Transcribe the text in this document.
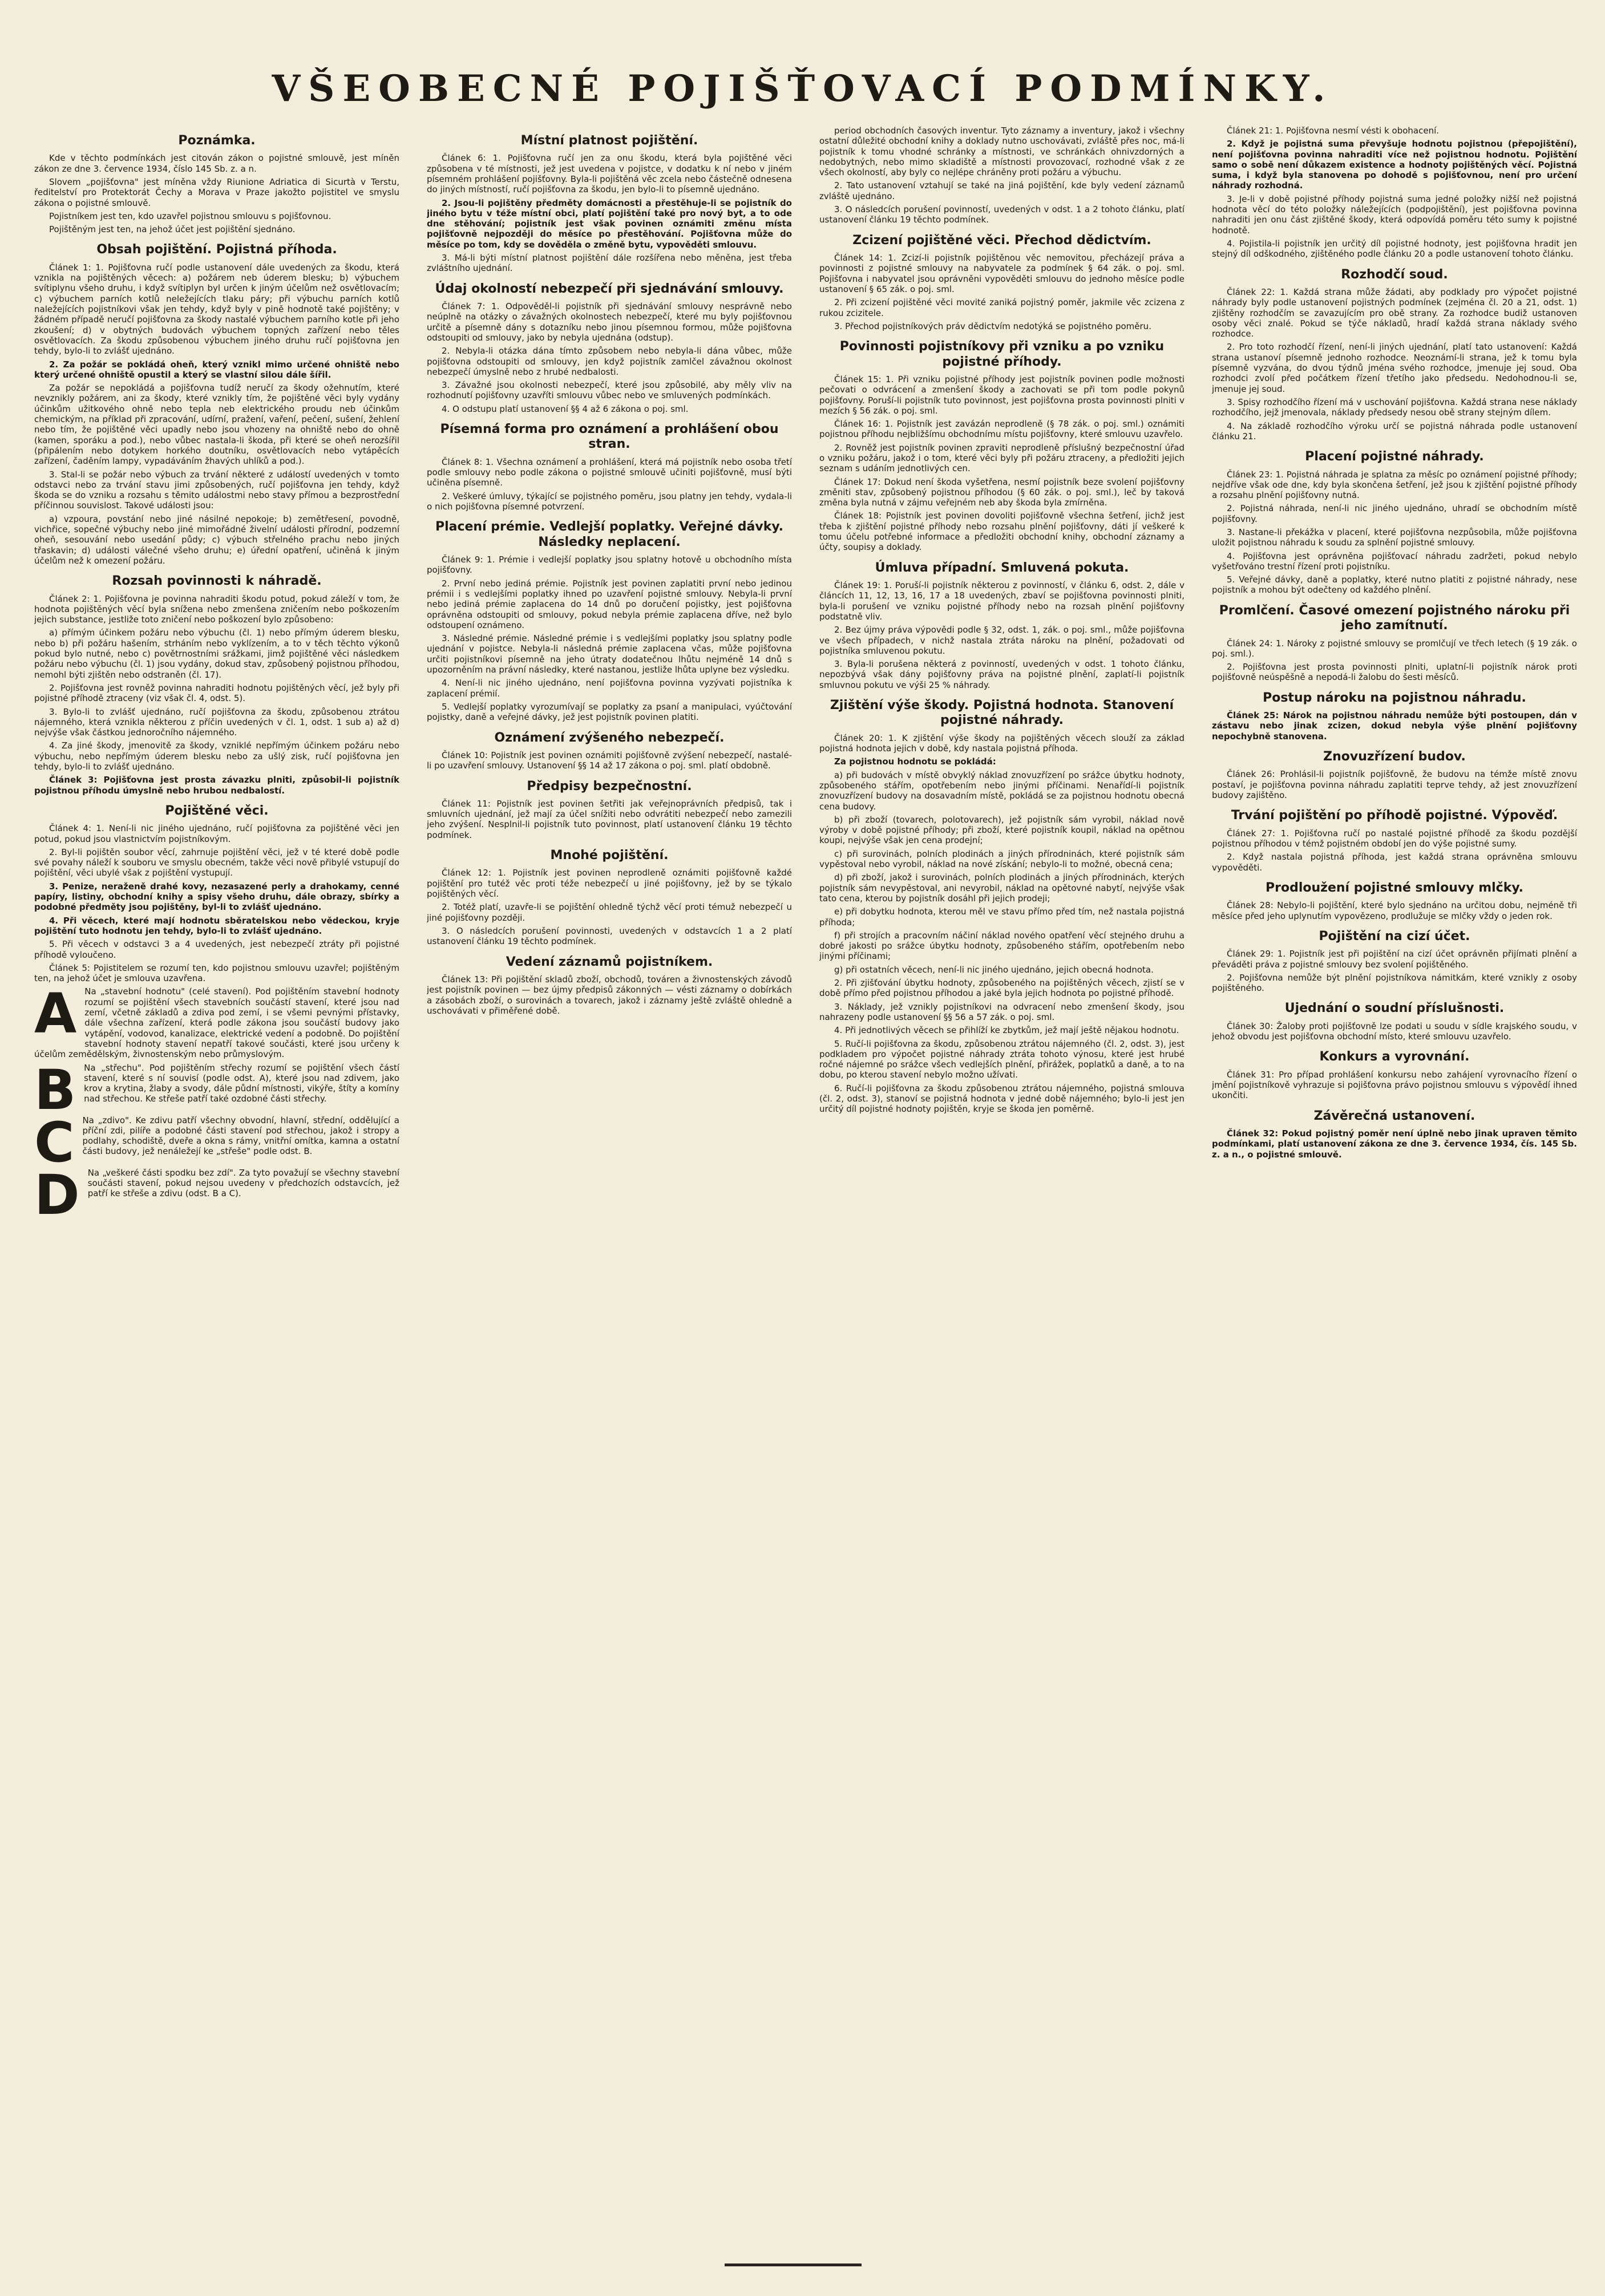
VŠEOBECNÉ POJIŠŤOVACÍ PODMÍNKY.
Poznámka.

Kde v těchto podmínkách jest citován zákon o pojistné smlouvě, jest míněn zákon ze dne 3. července 1934, číslo 145 Sb. z. a n.

Slovem „pojišťovna" jest míněna vždy Riunione Adriatica di Sicurtà v Terstu, ředitelství pro Protektorát Čechy a Morava v Praze jakožto pojistitel ve smyslu zákona o pojistné smlouvě.

Pojistníkem jest ten, kdo uzavřel pojistnou smlouvu s pojišťovnou.

Pojištěným jest ten, na jehož účet jest pojištění sjednáno.

Obsah pojištění. Pojistná příhoda.

Článek 1: 1. Pojišťovna ručí podle ustanovení dále uvedených za škodu, která vznikla na pojištěných věcech: a) požárem neb úderem blesku; b) výbuchem svítiplynu všeho druhu, i když svítiplyn byl určen k jiným účelům než osvětlovacím; c) výbuchem parních kotlů neležejících tlaku páry; při výbuchu parních kotlů naležejících pojistníkovi však jen tehdy, když byly v pině hodnotě také pojištěny; v žádném případě neručí pojišťovna za škody nastalé výbuchem parního kotle při jeho zkoušení; d) v obytných budovách výbuchem topných zařízení nebo těles osvětlovacích. Za škodu způsobenou výbuchem jiného druhu ručí pojišťovna jen tehdy, bylo-li to zvlášť ujednáno.

2. Za požár se pokládá oheň, který vznikl mimo určené ohniště nebo který určené ohniště opustil a který se vlastní silou dále šířil.

Za požár se nepokládá a pojišťovna tudíž neručí za škody ožehnutím, které nevznikly požárem, ani za škody, které vznikly tím, že pojištěné věci byly vydány účinkům užitkového ohně nebo tepla neb elektrického proudu neb účinkům chemickým, na příklad při zpracování, udírní, pražení, vaření, pečení, sušení, žehlení nebo tím, že pojištěné věci upadly nebo jsou vhozeny na ohniště nebo do ohně (kamen, sporáku a pod.), nebo vůbec nastala-li škoda, při které se oheň nerozšířil (připálením nebo dotykem horkého doutníku, osvětlovacích nebo vytápěcích zařízení, čaděním lampy, vypadáváním žhavých uhlíků a pod.).

3. Stal-li se požár nebo výbuch za trvání některé z událostí uvedených v tomto odstavci nebo za trvání stavu jimi způsobených, ručí pojišťovna jen tehdy, když škoda se do vzniku a rozsahu s těmito událostmi nebo stavy přímou a bezprostřední příčinnou souvislost. Takové události jsou:

a) vzpoura, povstání nebo jiné násilné nepokoje; b) zemětřesení, povodně, vichřice, sopečné výbuchy nebo jiné mimořádné živelní události přírodní, podzemní oheň, sesouvání nebo usedání půdy; c) výbuch střelného prachu nebo jiných třaskavin; d) události válečné všeho druhu; e) úřední opatření, učiněná k jiným účelům než k omezení požáru.

Rozsah povinnosti k náhradě.

Článek 2: 1. Pojišťovna je povinna nahraditi škodu potud, pokud záleží v tom, že hodnota pojištěných věcí byla snížena nebo zmenšena zničením nebo poškozením jejich substance, jestliže toto zničení nebo poškození bylo způsobeno:

a) přímým účinkem požáru nebo výbuchu (čl. 1) nebo přímým úderem blesku, nebo b) při požáru hašením, strháním nebo vyklízením, a to v těch těchto výkonů pokud bylo nutné, nebo c) povětrnostními srážkami, jimž pojištěné věci následkem požáru nebo výbuchu (čl. 1) jsou vydány, dokud stav, způsobený pojistnou příhodou, nemohl býti zjištěn nebo odstraněn (čl. 17).

2. Pojišťovna jest rovněž povinna nahraditi hodnotu pojištěných věcí, jež byly při pojistné příhodě ztraceny (viz však čl. 4, odst. 5).

3. Bylo-li to zvlášť ujednáno, ručí pojišťovna za škodu, způsobenou ztrátou nájemného, která vznikla některou z příčin uvedených v čl. 1, odst. 1 sub a) až d) nejvýše však částkou jednoročního nájemného.

4. Za jiné škody, jmenovitě za škody, vzniklé nepřímým účinkem požáru nebo výbuchu, nebo nepřímým úderem blesku nebo za ušlý zisk, ručí pojišťovna jen tehdy, bylo-li to zvlášť ujednáno.

Článek 3: Pojišťovna jest prosta závazku plniti, způsobil-li pojistník pojistnou příhodu úmyslně nebo hrubou nedbalostí.

Pojištěné věci.

Článek 4: 1. Není-li nic jiného ujednáno, ručí pojišťovna za pojištěné věci jen potud, pokud jsou vlastnictvím pojistníkovým.

2. Byl-li pojištěn soubor věcí, zahrnuje pojištění věci, jež v té které době podle své povahy náleží k souboru ve smyslu obecném, takže věci nově přibylé vstupují do pojištění, věci ubylé však z pojištění vystupují.

3. Penize, neraženě drahé kovy, nezasazené perly a drahokamy, cenné papíry, listiny, obchodní knihy a spisy všeho druhu, dále obrazy, sbírky a podobné předměty jsou pojištěny, byl-li to zvlášť ujednáno.

4. Při věcech, které mají hodnotu sběratelskou nebo vědeckou, kryje pojištění tuto hodnotu jen tehdy, bylo-li to zvlášť ujednáno.

5. Při věcech v odstavci 3 a 4 uvedených, jest nebezpečí ztráty při pojistné příhodě vyloučeno.

Článek 5: Pojistitelem se rozumí ten, kdo pojistnou smlouvu uzavřel; pojištěným ten, na jehož účet je smlouva uzavřena.

A Na „stavební hodnotu" (celé stavení). Pod pojištěním stavební hodnoty rozumí se pojištění všech stavebních součástí stavení, které jsou nad zemí, včetně základů a zdiva pod zemí, i se všemi pevnými přístavky, dále všechna zařízení, která podle zákona jsou součástí budovy jako vytápění, vodovod, kanalizace, elektrické vedení a podobně. Do pojištění stavební hodnoty stavení nepatří takové součásti, které jsou určeny k účelům zemědělským, živnostenským nebo průmyslovým.

B Na „střechu". Pod pojištěním střechy rozumí se pojištění všech částí stavení, které s ní souvisí (podle odst. A), které jsou nad zdivem, jako krov a krytina, žlaby a svody, dále půdní místnosti, vikýře, štíty a komíny nad střechou. Ke střeše patří také ozdobné části střechy.

C Na „zdivo". Ke zdivu patří všechny obvodní, hlavní, střední, oddělující a příční zdi, pilíře a podobné části stavení pod střechou, jakož i stropy a podlahy, schodiště, dveře a okna s rámy, vnitřní omítka, kamna a ostatní části budovy, jež nenáležejí ke „střeše" podle odst. B.

D Na „veškeré části spodku bez zdí". Za tyto považují se všechny stavební součásti stavení, pokud nejsou uvedeny v předchozích odstavcích, jež patří ke střeše a zdivu (odst. B a C).

Místní platnost pojištění.

Článek 6: 1. Pojišťovna ručí jen za onu škodu, která byla pojištěné věci způsobena v té místnosti, jež jest uvedena v pojistce, v dodatku k ní nebo v jiném písemném prohlášení pojišťovny. Byla-li pojištěná věc zcela nebo částečně odnesena do jiných místností, ručí pojišťovna za škodu, jen bylo-li to písemně ujednáno.

2. Jsou-li pojištěny předměty domácnosti a přestěhuje-li se pojistník do jiného bytu v téže místní obci, platí pojištění také pro nový byt, a to ode dne stěhování; pojistník jest však povinen oznámiti změnu místa pojišťovně nejpozději do měsíce po přestěhování. Pojišťovna může do měsíce po tom, kdy se dověděla o změně bytu, vypověděti smlouvu.

3. Má-li býti místní platnost pojištění dále rozšířena nebo měněna, jest třeba zvláštního ujednání.

Údaj okolností nebezpečí při sjednávání smlouvy.

Článek 7: 1. Odpověděl-li pojistník při sjednávání smlouvy nesprávně nebo neúplně na otázky o závažných okolnostech nebezpečí, které mu byly pojišťovnou určitě a písemně dány s dotazníku nebo jinou písemnou formou, může pojišťovna odstoupiti od smlouvy, jako by nebyla ujednána (odstup).

2. Nebyla-li otázka dána tímto způsobem nebo nebyla-li dána vůbec, může pojišťovna odstoupiti od smlouvy, jen když pojistník zamlčel závažnou okolnost nebezpečí úmyslně nebo z hrubé nedbalosti.

3. Závažné jsou okolnosti nebezpečí, které jsou způsobilé, aby měly vliv na rozhodnutí pojišťovny uzavříti smlouvu vůbec nebo ve smluvených podmínkách.

4. O odstupu platí ustanovení §§ 4 až 6 zákona o poj. sml.

Písemná forma pro oznámení a prohlášení obou stran.

Článek 8: 1. Všechna oznámení a prohlášení, která má pojistník nebo osoba třetí podle smlouvy nebo podle zákona o pojistné smlouvě učiniti pojišťovně, musí býti učiněna písemně.

2. Veškeré úmluvy, týkající se pojistného poměru, jsou platny jen tehdy, vydala-li o nich pojišťovna písemné potvrzení.

Placení prémie. Vedlejší poplatky. Veřejné dávky. Následky neplacení.

Článek 9: 1. Prémie i vedlejší poplatky jsou splatny hotově u obchodního místa pojišťovny.

2. První nebo jediná prémie. Pojistník jest povinen zaplatiti první nebo jedinou prémii i s vedlejšími poplatky ihned po uzavření pojistné smlouvy. Nebyla-li první nebo jediná prémie zaplacena do 14 dnů po doručení pojistky, jest pojišťovna oprávněna odstoupiti od smlouvy, pokud nebyla prémie zaplacena dříve, než bylo odstoupení oznámeno.

3. Následné prémie. Následné prémie i s vedlejšími poplatky jsou splatny podle ujednání v pojistce. Nebyla-li následná prémie zaplacena včas, může pojišťovna určiti pojistníkovi písemně na jeho útraty dodatečnou lhůtu nejméně 14 dnů s upozorněním na právní následky, které nastanou, jestliže lhůta uplyne bez výsledku.

4. Není-li nic jiného ujednáno, není pojišťovna povinna vyzývati pojistníka k zaplacení prémií.

5. Vedlejší poplatky vyrozumívají se poplatky za psaní a manipulaci, vyúčtování pojistky, daně a veřejné dávky, jež jest pojistník povinen platiti.

Oznámení zvýšeného nebezpečí.

Článek 10: Pojistník jest povinen oznámiti pojišťovně zvýšení nebezpečí, nastalé-li po uzavření smlouvy. Ustanovení §§ 14 až 17 zákona o poj. sml. platí obdobně.

Předpisy bezpečnostní.

Článek 11: Pojistník jest povinen šetřiti jak veřejnoprávních předpisů, tak i smluvních ujednání, jež mají za účel snížiti nebo odvrátiti nebezpečí nebo zamezili jeho zvýšení. Nesplnil-li pojistník tuto povinnost, platí ustanovení článku 19 těchto podmínek.

Mnohé pojištění.

Článek 12: 1. Pojistník jest povinen neprodleně oznámiti pojišťovně každé pojištění pro tutéž věc proti téže nebezpečí u jiné pojišťovny, jež by se týkalo pojištěných věcí.

2. Totéž platí, uzavře-li se pojištění ohledně týchž věcí proti témuž nebezpečí u jiné pojišťovny později.

3. O následcích porušení povinnosti, uvedených v odstavcích 1 a 2 platí ustanovení článku 19 těchto podmínek.

Vedení záznamů pojistníkem.

Článek 13: Při pojištění skladů zboží, obchodů, továren a živnostenských závodů jest pojistník povinen — bez újmy předpisů zákonných — vésti záznamy o dobírkách a zásobách zboží, o surovinách a tovarech, jakož i záznamy ještě zvláště ohledně a uschovávati v přiměřené době.

period obchodních časových inventur. Tyto záznamy a inventury, jakož i všechny ostatní důležité obchodní knihy a doklady nutno uschovávati, zvláště přes noc, má-li pojistník k tomu vhodné schránky a místnosti, ve schránkách ohnivzdorných a nedobytných, nebo mimo skladiště a místnosti provozovací, rozhodné však z ze všech okolností, aby byly co nejlépe chráněny proti požáru a výbuchu.

2. Tato ustanovení vztahují se také na jiná pojištění, kde byly vedení záznamů zvláště ujednáno.

3. O následcích porušení povinností, uvedených v odst. 1 a 2 tohoto článku, platí ustanovení článku 19 těchto podmínek.

Zcizení pojištěné věci. Přechod dědictvím.

Článek 14: 1. Zcizí-li pojistník pojištěnou věc nemovitou, přecházejí práva a povinnosti z pojistné smlouvy na nabyvatele za podmínek § 64 zák. o poj. sml. Pojišťovna i nabyvatel jsou oprávněni vypověděti smlouvu do jednoho měsíce podle ustanovení § 65 zák. o poj. sml.

2. Při zcizení pojištěné věci movité zaniká pojistný poměr, jakmile věc zcizena z rukou zcizitele.

3. Přechod pojistníkových práv dědictvím nedotýká se pojistného poměru.

Povinnosti pojistníkovy při vzniku a po vzniku pojistné příhody.

Článek 15: 1. Při vzniku pojistné příhody jest pojistník povinen podle možnosti pečovati o odvrácení a zmenšení škody a zachovati se při tom podle pokynů pojišťovny. Poruší-li pojistník tuto povinnost, jest pojišťovna prosta povinnosti plniti v mezích § 56 zák. o poj. sml.

Článek 16: 1. Pojistník jest zavázán neprodleně (§ 78 zák. o poj. sml.) oznámiti pojistnou příhodu nejbližšímu obchodnímu místu pojišťovny, které smlouvu uzavřelo.

2. Rovněž jest pojistník povinen zpraviti neprodleně příslušný bezpečnostní úřad o vzniku požáru, jakož i o tom, které věci byly při požáru ztraceny, a předložiti jejich seznam s udáním jednotlivých cen.

Článek 17: Dokud není škoda vyšetřena, nesmí pojistník beze svolení pojišťovny změniti stav, způsobený pojistnou příhodou (§ 60 zák. o poj. sml.), leč by taková změna byla nutná v zájmu veřejném neb aby škoda byla zmírněna.

Článek 18: Pojistník jest povinen dovoliti pojišťovně všechna šetření, jichž jest třeba k zjištění pojistné příhody nebo rozsahu plnění pojišťovny, dáti jí veškeré k tomu účelu potřebné informace a předložiti obchodní knihy, obchodní záznamy a účty, soupisy a doklady.

Úmluva případní. Smluvená pokuta.

Článek 19: 1. Poruší-li pojistník některou z povinností, v článku 6, odst. 2, dále v článcích 11, 12, 13, 16, 17 a 18 uvedených, zbaví se pojišťovna povinnosti plniti, byla-li porušení ve vzniku pojistné příhody nebo na rozsah plnění pojišťovny podstatně vliv.

2. Bez újmy práva výpovědi podle § 32, odst. 1, zák. o poj. sml., může pojišťovna ve všech případech, v nichž nastala ztráta nároku na plnění, požadovati od pojistníka smluvenou pokutu.

3. Byla-li porušena některá z povinností, uvedených v odst. 1 tohoto článku, nepozbývá však dány pojišťovny práva na pojistné plnění, zaplatí-li pojistník smluvnou pokutu ve výši 25 % náhrady.

Zjištění výše škody. Pojistná hodnota. Stanovení pojistné náhrady.

Článek 20: 1. K zjištění výše škody na pojištěných věcech slouží za základ pojistná hodnota jejich v době, kdy nastala pojistná příhoda.

Za pojistnou hodnotu se pokládá:

a) při budovách v místě obvyklý náklad znovuzřízení po srážce úbytku hodnoty, způsobeného stářím, opotřebením nebo jinými příčinami. Nenařídí-li pojistník znovuzřízení budovy na dosavadním místě, pokládá se za pojistnou hodnotu obecná cena budovy.

b) při zboží (tovarech, polotovarech), jež pojistník sám vyrobil, náklad nově výroby v době pojistné příhody; při zboží, které pojistník koupil, náklad na opětnou koupi, nejvýše však jen cena prodejní;

c) při surovinách, polních plodinách a jiných přírodninách, které pojistník sám vypěstoval nebo vyrobil, náklad na nové získání; nebylo-li to možné, obecná cena;

d) při zboží, jakož i surovinách, polních plodinách a jiných přírodninách, kterých pojistník sám nevypěstoval, ani nevyrobil, náklad na opětovné nabytí, nejvýše však tato cena, kterou by pojistník dosáhl při jejich prodeji;

e) při dobytku hodnota, kterou měl ve stavu přímo před tím, než nastala pojistná příhoda;

f) při strojích a pracovním náčiní náklad nového opatření věcí stejného druhu a dobré jakosti po srážce úbytku hodnoty, způsobeného stářím, opotřebením nebo jinými příčinami;

g) při ostatních věcech, není-li nic jiného ujednáno, jejich obecná hodnota.

2. Při zjišťování úbytku hodnoty, způsobeného na pojištěných věcech, zjistí se v době přímo před pojistnou příhodou a jaké byla jejich hodnota po pojistné příhodě.

3. Náklady, jež vznikly pojistníkovi na odvracení nebo zmenšení škody, jsou nahrazeny podle ustanovení §§ 56 a 57 zák. o poj. sml.

4. Při jednotlivých věcech se přihlíží ke zbytkům, jež mají ještě nějakou hodnotu.

5. Ručí-li pojišťovna za škodu, způsobenou ztrátou nájemného (čl. 2, odst. 3), jest podkladem pro výpočet pojistné náhrady ztráta tohoto výnosu, které jest hrubé ročné nájemné po srážce všech vedlejších plnění, přirážek, poplatků a daně, a to na dobu, po kterou stavení nebylo možno užívati.

6. Ručí-li pojišťovna za škodu způsobenou ztrátou nájemného, pojistná smlouva (čl. 2, odst. 3), stanoví se pojistná hodnota v jedné době nájemného; bylo-li jest jen určitý díl pojistné hodnoty pojištěn, kryje se škoda jen poměrně.

Článek 21: 1. Pojišťovna nesmí vésti k obohacení.

2. Když je pojistná suma převyšuje hodnotu pojistnou (přepojištění), není pojišťovna povinna nahraditi více než pojistnou hodnotu. Pojištění samo o sobě není důkazem existence a hodnoty pojištěných věcí. Pojistná suma, i když byla stanovena po dohodě s pojišťovnou, není pro určení náhrady rozhodná.

3. Je-li v době pojistné příhody pojistná suma jedné položky nižší než pojistná hodnota věcí do této položky náležejících (podpojištění), jest pojišťovna povinna nahraditi jen onu část zjištěné škody, která odpovídá poměru této sumy k pojistné hodnotě.

4. Pojistila-li pojistník jen určitý díl pojistné hodnoty, jest pojišťovna hradit jen stejný díl odškodného, zjištěného podle článku 20 a podle ustanovení tohoto článku.

Rozhodčí soud.

Článek 22: 1. Každá strana může žádati, aby podklady pro výpočet pojistné náhrady byly podle ustanovení pojistných podmínek (zejména čl. 20 a 21, odst. 1) zjištěny rozhodčím se zavazujícím pro obě strany. Za rozhodce budiž ustanoven osoby věci znalé. Pokud se týče nákladů, hradí každá strana náklady svého rozhodce.

2. Pro toto rozhodčí řízení, není-li jiných ujednání, platí tato ustanovení: Každá strana ustanoví písemně jednoho rozhodce. Neoznámí-li strana, jež k tomu byla písemně vyzvána, do dvou týdnů jména svého rozhodce, jmenuje jej soud. Oba rozhodci zvolí před počátkem řízení třetího jako předsedu. Nedohodnou-li se, jmenuje jej soud.

3. Spisy rozhodčího řízení má v uschování pojišťovna. Každá strana nese náklady rozhodčího, jejž jmenovala, náklady předsedy nesou obě strany stejným dílem.

4. Na základě rozhodčího výroku určí se pojistná náhrada podle ustanovení článku 21.

Placení pojistné náhrady.

Článek 23: 1. Pojistná náhrada je splatna za měsíc po oznámení pojistné příhody; nejdříve však ode dne, kdy byla skončena šetření, jež jsou k zjištění pojistné příhody a rozsahu plnění pojišťovny nutná.

2. Pojistná náhrada, není-li nic jiného ujednáno, uhradí se obchodním místě pojišťovny.

3. Nastane-li překážka v placení, které pojišťovna nezpůsobila, může pojišťovna uložit pojistnou náhradu k soudu za splnění pojistné smlouvy.

4. Pojišťovna jest oprávněna pojišťovací náhradu zadržeti, pokud nebylo vyšetřováno trestní řízení proti pojistníku.

5. Veřejné dávky, daně a poplatky, které nutno platiti z pojistné náhrady, nese pojistník a mohou být odečteny od každého plnění.

Promlčení. Časové omezení pojistného nároku při jeho zamítnutí.

Článek 24: 1. Nároky z pojistné smlouvy se promlčují ve třech letech (§ 19 zák. o poj. sml.).

2. Pojišťovna jest prosta povinnosti plniti, uplatní-li pojistník nárok proti pojišťovně neúspěšně a nepodá-li žalobu do šesti měsíců.

Postup nároku na pojistnou náhradu.

Článek 25: Nárok na pojistnou náhradu nemůže býti postoupen, dán v zástavu nebo jinak zcizen, dokud nebyla výše plnění pojišťovny nepochybně stanovena.

Znovuzřízení budov.

Článek 26: Prohlásil-li pojistník pojišťovně, že budovu na témže místě znovu postaví, je pojišťovna povinna náhradu zaplatiti teprve tehdy, až jest znovuzřízení budovy zajištěno.

Trvání pojištění po příhodě pojistné. Výpověď.

Článek 27: 1. Pojišťovna ručí po nastalé pojistné příhodě za škodu pozdější pojistnou příhodou v témž pojistném období jen do výše pojistné sumy.

2. Když nastala pojistná příhoda, jest každá strana oprávněna smlouvu vypověděti.

Prodloužení pojistné smlouvy mlčky.

Článek 28: Nebylo-li pojištění, které bylo sjednáno na určitou dobu, nejméně tři měsíce před jeho uplynutím vypovězeno, prodlužuje se mlčky vždy o jeden rok.

Pojištění na cizí účet.

Článek 29: 1. Pojistník jest při pojištění na cizí účet oprávněn přijímati plnění a převáděti práva z pojistné smlouvy bez svolení pojištěného.

2. Pojišťovna nemůže být plnění pojistníkova námitkám, které vznikly z osoby pojištěného.

Ujednání o soudní příslušnosti.

Článek 30: Žaloby proti pojišťovně lze podati u soudu v sídle krajského soudu, v jehož obvodu jest pojišťovna obchodní místo, které smlouvu uzavřelo.

Konkurs a vyrovnání.

Článek 31: Pro případ prohlášení konkursu nebo zahájení vyrovnacího řízení o jmění pojistníkově vyhrazuje si pojišťovna právo pojistnou smlouvu s výpovědí ihned ukončiti.

Závěrečná ustanovení.

Článek 32: Pokud pojistný poměr není úplně nebo jinak upraven těmito podmínkami, platí ustanovení zákona ze dne 3. července 1934, čís. 145 Sb. z. a n., o pojistné smlouvě.
